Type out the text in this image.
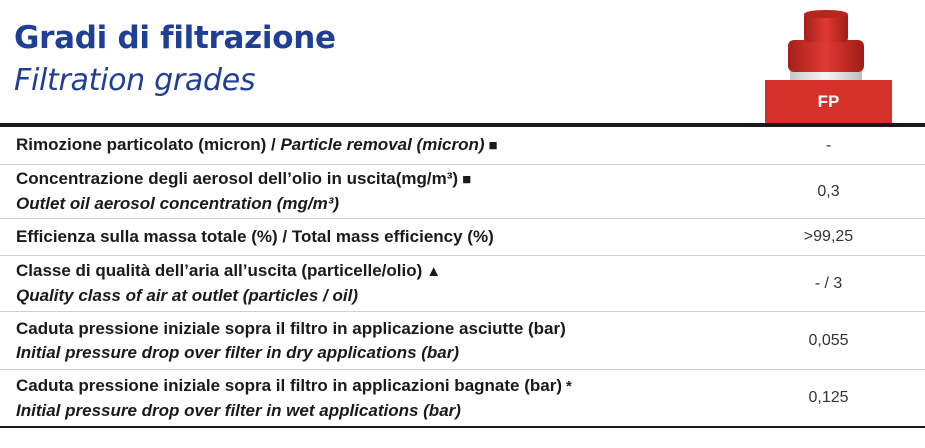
Gradi di filtrazione
Filtration grades
FP
Rimozione particolato (micron) / Particle removal (micron) ■	-
Concentrazione degli aerosol dell’olio in uscita(mg/m³) ■
Outlet oil aerosol concentration (mg/m³)
0,3
Efficienza sulla massa totale (%) / Total mass efficiency (%)	>99,25
Classe di qualità dell’aria all’uscita (particelle/olio) ▲
Quality class of air at outlet (particles / oil)
- / 3
Caduta pressione iniziale sopra il filtro in applicazione asciutte (bar)
Initial pressure drop over filter in dry applications (bar)
0,055
Caduta pressione iniziale sopra il filtro in applicazioni bagnate (bar) *
Initial pressure drop over filter in wet applications (bar)
0,125
